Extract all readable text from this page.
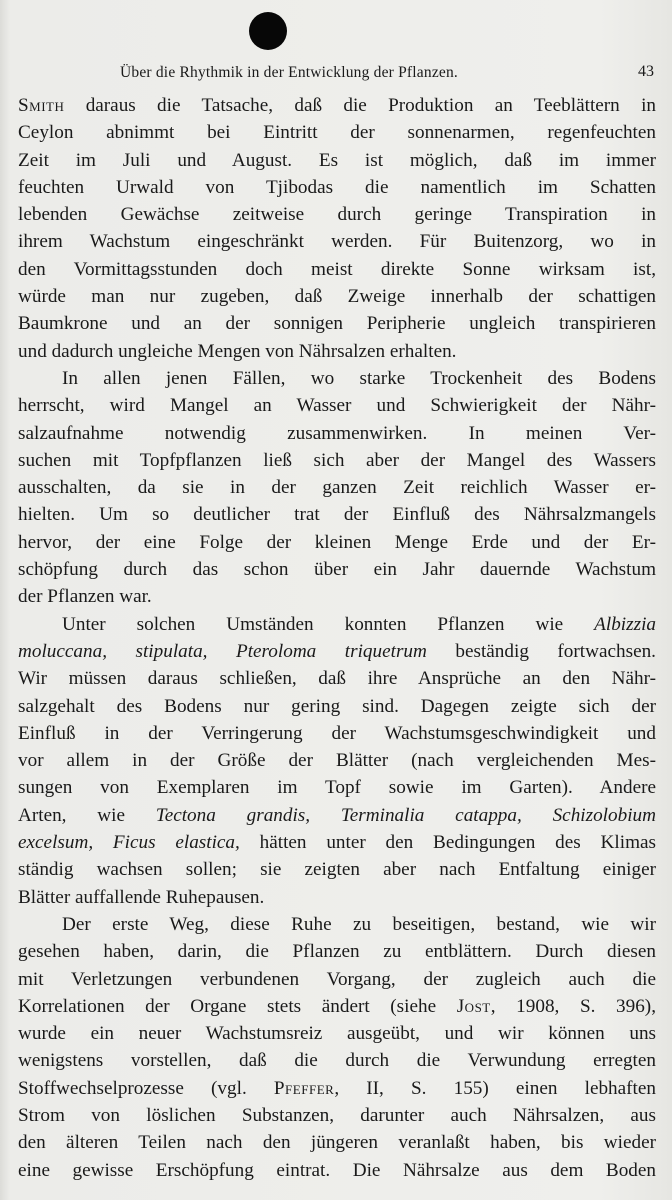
Über die Rhythmik in der Entwicklung der Pflanzen.	43
Smith daraus die Tatsache, daß die Produktion an Teeblättern in
Ceylon abnimmt bei Eintritt der sonnenarmen, regenfeuchten
Zeit im Juli und August. Es ist möglich, daß im immer
feuchten Urwald von Tjibodas die namentlich im Schatten
lebenden Gewächse zeitweise durch geringe Transpiration in
ihrem Wachstum eingeschränkt werden. Für Buitenzorg, wo in
den Vormittagsstunden doch meist direkte Sonne wirksam ist,
würde man nur zugeben, daß Zweige innerhalb der schattigen
Baumkrone und an der sonnigen Peripherie ungleich transpirieren
und dadurch ungleiche Mengen von Nährsalzen erhalten.
In allen jenen Fällen, wo starke Trockenheit des Bodens
herrscht, wird Mangel an Wasser und Schwierigkeit der Nähr-
salzaufnahme notwendig zusammenwirken. In meinen Ver-
suchen mit Topfpflanzen ließ sich aber der Mangel des Wassers
ausschalten, da sie in der ganzen Zeit reichlich Wasser er-
hielten. Um so deutlicher trat der Einfluß des Nährsalzmangels
hervor, der eine Folge der kleinen Menge Erde und der Er-
schöpfung durch das schon über ein Jahr dauernde Wachstum
der Pflanzen war.
Unter solchen Umständen konnten Pflanzen wie Albizzia
moluccana, stipulata, Pteroloma triquetrum beständig fortwachsen.
Wir müssen daraus schließen, daß ihre Ansprüche an den Nähr-
salzgehalt des Bodens nur gering sind. Dagegen zeigte sich der
Einfluß in der Verringerung der Wachstumsgeschwindigkeit und
vor allem in der Größe der Blätter (nach vergleichenden Mes-
sungen von Exemplaren im Topf sowie im Garten). Andere
Arten, wie Tectona grandis, Terminalia catappa, Schizolobium
excelsum, Ficus elastica, hätten unter den Bedingungen des Klimas
ständig wachsen sollen; sie zeigten aber nach Entfaltung einiger
Blätter auffallende Ruhepausen.
Der erste Weg, diese Ruhe zu beseitigen, bestand, wie wir
gesehen haben, darin, die Pflanzen zu entblättern. Durch diesen
mit Verletzungen verbundenen Vorgang, der zugleich auch die
Korrelationen der Organe stets ändert (siehe Jost, 1908, S. 396),
wurde ein neuer Wachstumsreiz ausgeübt, und wir können uns
wenigstens vorstellen, daß die durch die Verwundung erregten
Stoffwechselprozesse (vgl. Pfeffer, II, S. 155) einen lebhaften
Strom von löslichen Substanzen, darunter auch Nährsalzen, aus
den älteren Teilen nach den jüngeren veranlaßt haben, bis wieder
eine gewisse Erschöpfung eintrat. Die Nährsalze aus dem Boden
